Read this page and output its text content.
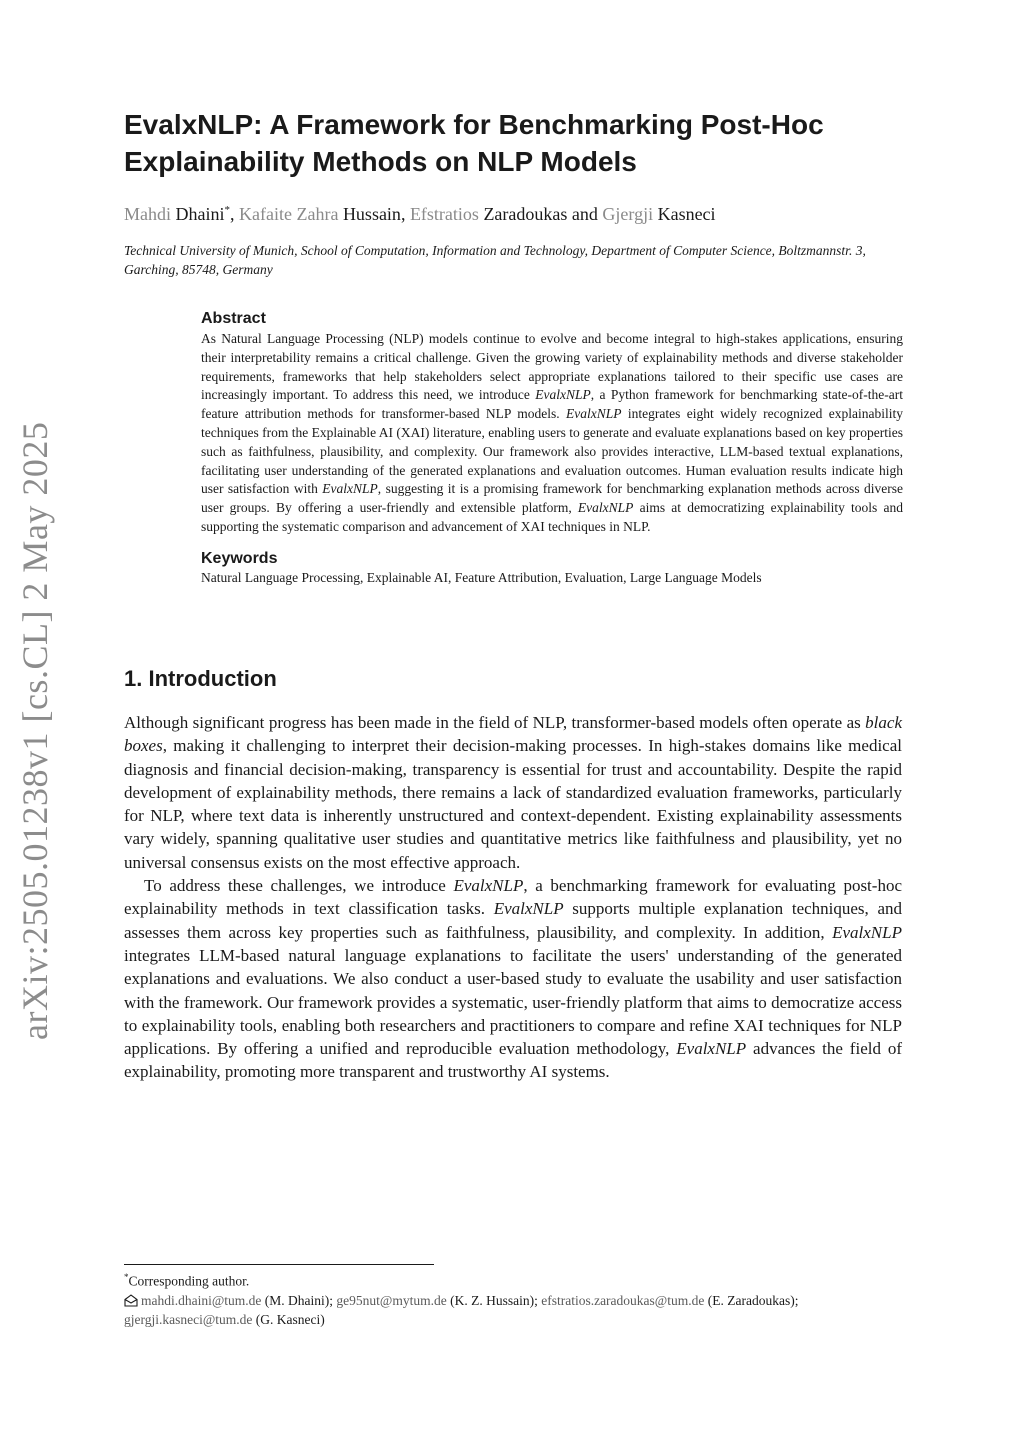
arXiv:2505.01238v1 [cs.CL] 2 May 2025
EvalxNLP: A Framework for Benchmarking Post-Hoc Explainability Methods on NLP Models
Mahdi Dhaini*, Kafaite Zahra Hussain, Efstratios Zaradoukas and Gjergji Kasneci
Technical University of Munich, School of Computation, Information and Technology, Department of Computer Science, Boltzmannstr. 3, Garching, 85748, Germany
Abstract

As Natural Language Processing (NLP) models continue to evolve and become integral to high-stakes applications, ensuring their interpretability remains a critical challenge. Given the growing variety of explainability methods and diverse stakeholder requirements, frameworks that help stakeholders select appropriate explanations tailored to their specific use cases are increasingly important. To address this need, we introduce EvalxNLP, a Python framework for benchmarking state-of-the-art feature attribution methods for transformer-based NLP models. EvalxNLP integrates eight widely recognized explainability techniques from the Explainable AI (XAI) literature, enabling users to generate and evaluate explanations based on key properties such as faithfulness, plausibility, and complexity. Our framework also provides interactive, LLM-based textual explanations, facilitating user understanding of the generated explanations and evaluation outcomes. Human evaluation results indicate high user satisfaction with EvalxNLP, suggesting it is a promising framework for benchmarking explanation methods across diverse user groups. By offering a user-friendly and extensible platform, EvalxNLP aims at democratizing explainability tools and supporting the systematic comparison and advancement of XAI techniques in NLP.

Keywords

Natural Language Processing, Explainable AI, Feature Attribution, Evaluation, Large Language Models

1. Introduction

Although significant progress has been made in the field of NLP, transformer-based models often operate as black boxes, making it challenging to interpret their decision-making processes. In high-stakes domains like medical diagnosis and financial decision-making, transparency is essential for trust and accountability. Despite the rapid development of explainability methods, there remains a lack of standardized evaluation frameworks, particularly for NLP, where text data is inherently unstructured and context-dependent. Existing explainability assessments vary widely, spanning qualitative user studies and quantitative metrics like faithfulness and plausibility, yet no universal consensus exists on the most effective approach.

To address these challenges, we introduce EvalxNLP, a benchmarking framework for evaluating post-hoc explainability methods in text classification tasks. EvalxNLP supports multiple explanation techniques, and assesses them across key properties such as faithfulness, plausibility, and complexity. In addition, EvalxNLP integrates LLM-based natural language explanations to facilitate the users' understanding of the generated explanations and evaluations. We also conduct a user-based study to evaluate the usability and user satisfaction with the framework. Our framework provides a systematic, user-friendly platform that aims to democratize access to explainability tools, enabling both researchers and practitioners to compare and refine XAI techniques for NLP applications. By offering a unified and reproducible evaluation methodology, EvalxNLP advances the field of explainability, promoting more transparent and trustworthy AI systems.

*Corresponding author.

mahdi.dhaini@tum.de (M. Dhaini); ge95nut@mytum.de (K. Z. Hussain); efstratios.zaradoukas@tum.de (E. Zaradoukas); gjergji.kasneci@tum.de (G. Kasneci)
